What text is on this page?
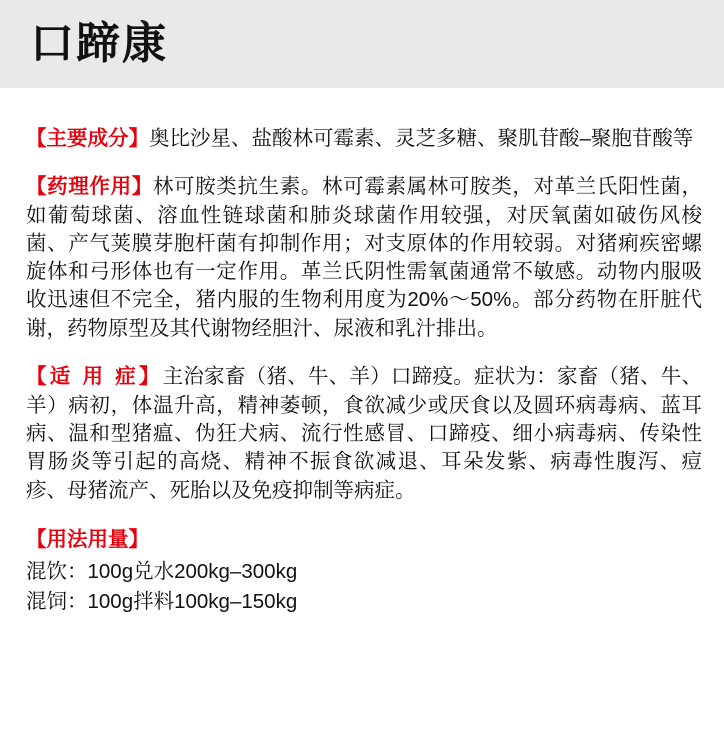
口蹄康

【主要成分】奥比沙星、盐酸林可霉素、灵芝多糖、聚肌苷酸–聚胞苷酸等

【药理作用】林可胺类抗生素。林可霉素属林可胺类，对革兰氏阳性菌，如葡萄球菌、溶血性链球菌和肺炎球菌作用较强，对厌氧菌如破伤风梭菌、产气荚膜芽胞杆菌有抑制作用；对支原体的作用较弱。对猪痢疾密螺旋体和弓形体也有一定作用。革兰氏阴性需氧菌通常不敏感。动物内服吸收迅速但不完全，猪内服的生物利用度为20%～50%。部分药物在肝脏代谢，药物原型及其代谢物经胆汁、尿液和乳汁排出。

【适 用 症】主治家畜（猪、牛、羊）口蹄疫。症状为：家畜（猪、牛、羊）病初，体温升高，精神萎顿，食欲减少或厌食以及圆环病毒病、蓝耳病、温和型猪瘟、伪狂犬病、流行性感冒、口蹄疫、细小病毒病、传染性胃肠炎等引起的高烧、精神不振食欲减退、耳朵发紫、病毒性腹泻、痘疹、母猪流产、死胎以及免疫抑制等病症。

【用法用量】
混饮：100g兑水200kg–300kg
混饲：100g拌料100kg–150kg
